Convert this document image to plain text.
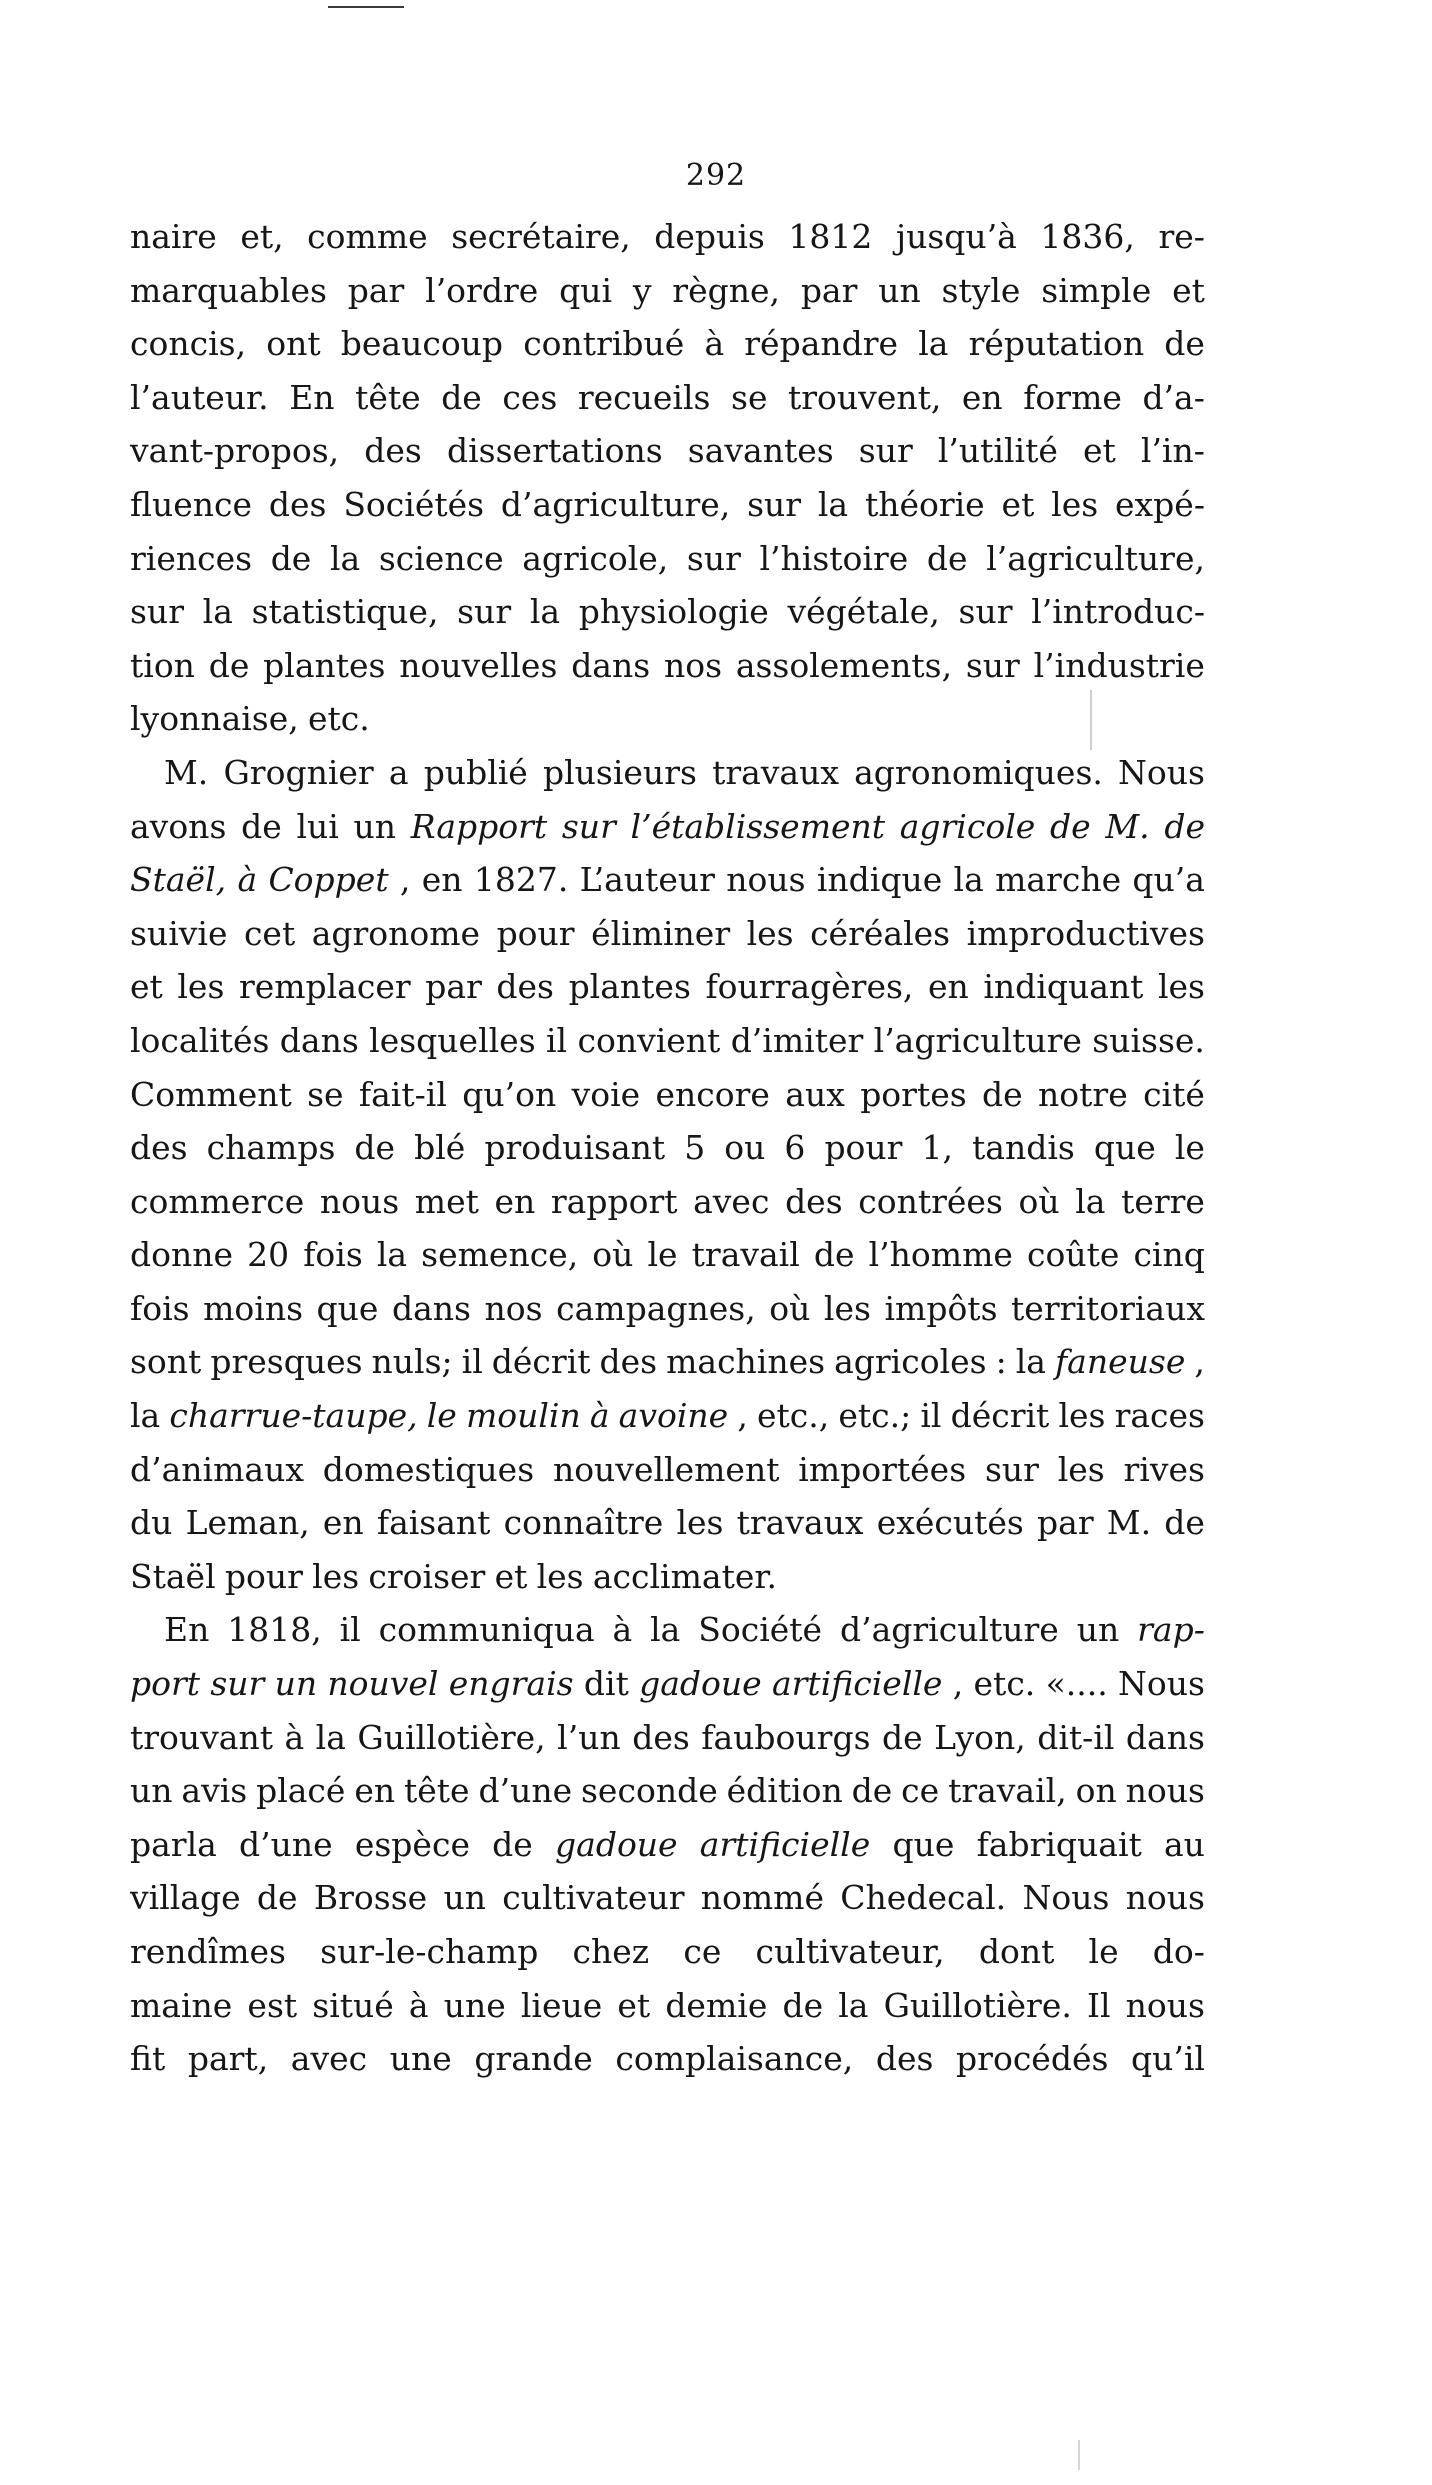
292
naire et, comme secrétaire, depuis 1812 jusqu’à 1836, re-
marquables par l’ordre qui y règne, par un style simple et
concis, ont beaucoup contribué à répandre la réputation de
l’auteur. En tête de ces recueils se trouvent, en forme d’a-
vant-propos, des dissertations savantes sur l’utilité et l’in-
fluence des Sociétés d’agriculture, sur la théorie et les expé-
riences de la science agricole, sur l’histoire de l’agriculture,
sur la statistique, sur la physiologie végétale, sur l’introduc-
tion de plantes nouvelles dans nos assolements, sur l’industrie
lyonnaise, etc.
M. Grognier a publié plusieurs travaux agronomiques. Nous
avons de lui un Rapport sur l’établissement agricole de M. de
Staël, à Coppet , en 1827. L’auteur nous indique la marche qu’a
suivie cet agronome pour éliminer les céréales improductives
et les remplacer par des plantes fourragères, en indiquant les
localités dans lesquelles il convient d’imiter l’agriculture suisse.
Comment se fait-il qu’on voie encore aux portes de notre cité
des champs de blé produisant 5 ou 6 pour 1, tandis que le
commerce nous met en rapport avec des contrées où la terre
donne 20 fois la semence, où le travail de l’homme coûte cinq
fois moins que dans nos campagnes, où les impôts territoriaux
sont presques nuls; il décrit des machines agricoles : la faneuse ,
la charrue-taupe, le moulin à avoine , etc., etc.; il décrit les races
d’animaux domestiques nouvellement importées sur les rives
du Leman, en faisant connaître les travaux exécutés par M. de
Staël pour les croiser et les acclimater.
En 1818, il communiqua à la Société d’agriculture un rap-
port sur un nouvel engrais dit gadoue artificielle , etc. «.... Nous
trouvant à la Guillotière, l’un des faubourgs de Lyon, dit-il dans
un avis placé en tête d’une seconde édition de ce travail, on nous
parla d’une espèce de gadoue artificielle que fabriquait au
village de Brosse un cultivateur nommé Chedecal. Nous nous
rendîmes sur-le-champ chez ce cultivateur, dont le do-
maine est situé à une lieue et demie de la Guillotière. Il nous
fit part, avec une grande complaisance, des procédés qu’il
